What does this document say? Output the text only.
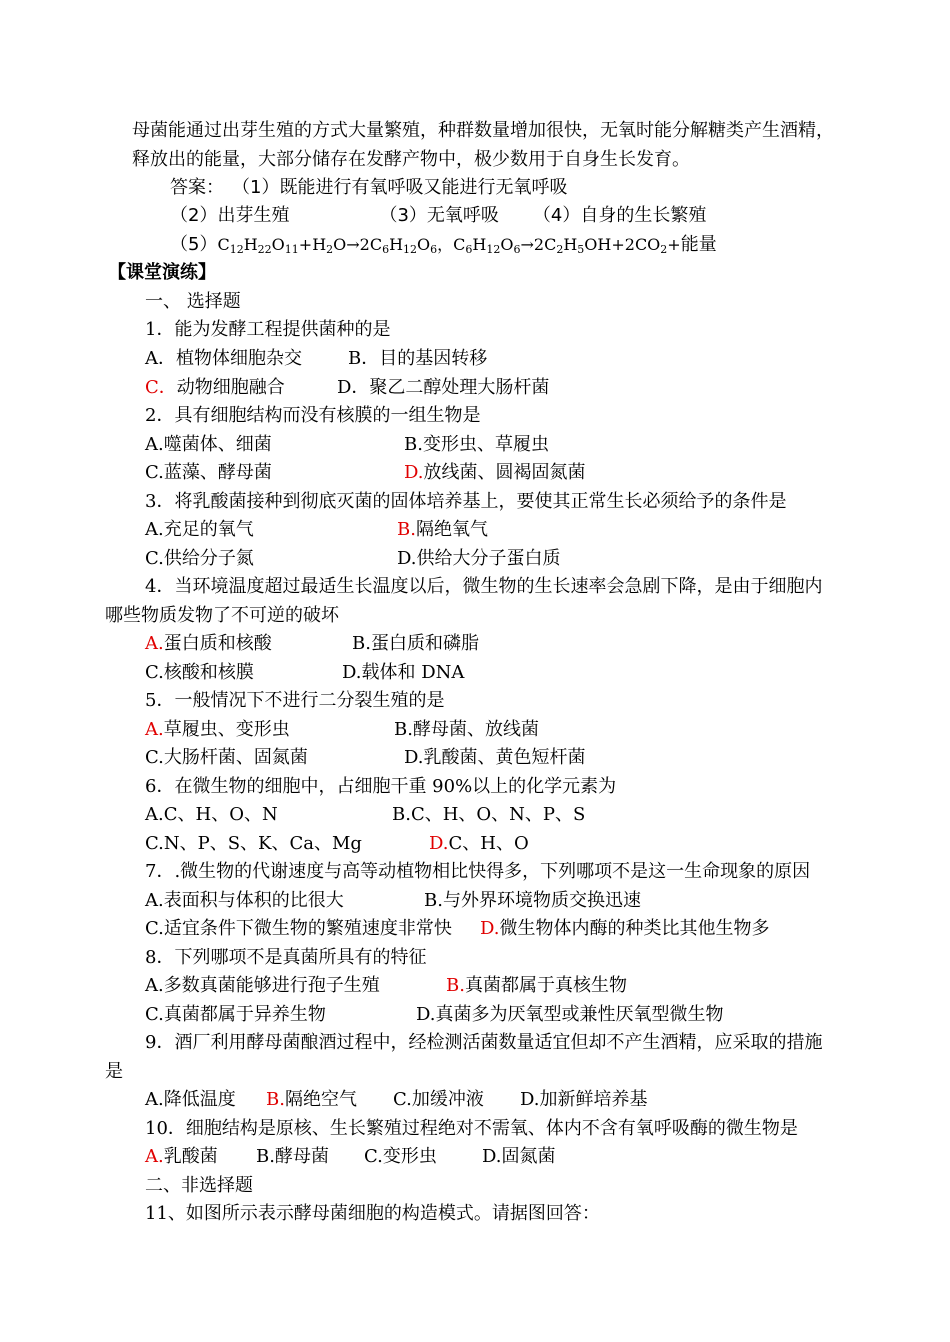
母菌能通过出芽生殖的方式大量繁殖，种群数量增加很快，无氧时能分解糖类产生酒精，
释放出的能量，大部分储存在发酵产物中，极少数用于自身生长发育。
答案： （1）既能进行有氧呼吸又能进行无氧呼吸
（2）出芽生殖	（3）无氧呼吸 （4）自身的生长繁殖
$(5)C_{12}H_{22}O_{11}+H_2O\to 2C_6H_{12}O_6$，$C_6H_{12}O_6\to 2C_2H_5OH+2CO_2+$能量
【课堂演练】
一、 选择题
1．能为发酵工程提供菌种的是
A．植物体细胞杂交	B．目的基因转移
C．动物细胞融合	D．聚乙二醇处理大肠杆菌
2．具有细胞结构而没有核膜的一组生物是
A.噬菌体、细菌	B.变形虫、草履虫
C.蓝藻、酵母菌	D.放线菌、圆褐固氮菌
3．将乳酸菌接种到彻底灭菌的固体培养基上，要使其正常生长必须给予的条件是
A.充足的氧气	B.隔绝氧气
C.供给分子氮	D.供给大分子蛋白质
4．当环境温度超过最适生长温度以后，微生物的生长速率会急剧下降，是由于细胞内
哪些物质发物了不可逆的破坏
A.蛋白质和核酸	B.蛋白质和磷脂
C.核酸和核膜	D.载体和 DNA
5．一般情况下不进行二分裂生殖的是
A.草履虫、变形虫	B.酵母菌、放线菌
C.大肠杆菌、固氮菌	D.乳酸菌、黄色短杆菌
6．在微生物的细胞中，占细胞干重 90%以上的化学元素为
A.C、H、O、N	B.C、H、O、N、P、S
C.N、P、S、K、Ca、Mg	D.C、H、O
7．.微生物的代谢速度与高等动植物相比快得多，下列哪项不是这一生命现象的原因
A.表面积与体积的比很大	B.与外界环境物质交换迅速
C.适宜条件下微生物的繁殖速度非常快 D.微生物体内酶的种类比其他生物多
8．下列哪项不是真菌所具有的特征
A.多数真菌能够进行孢子生殖	B.真菌都属于真核生物
C.真菌都属于异养生物	D.真菌多为厌氧型或兼性厌氧型微生物
9．酒厂利用酵母菌酿酒过程中，经检测活菌数量适宜但却不产生酒精，应采取的措施
是
A.降低温度 B.隔绝空气 C.加缓冲液 D.加新鲜培养基
10．细胞结构是原核、生长繁殖过程绝对不需氧、体内不含有氧呼吸酶的微生物是
A.乳酸菌 B.酵母菌 C.变形虫	D.固氮菌
二、非选择题
11、如图所示表示酵母菌细胞的构造模式。请据图回答：
